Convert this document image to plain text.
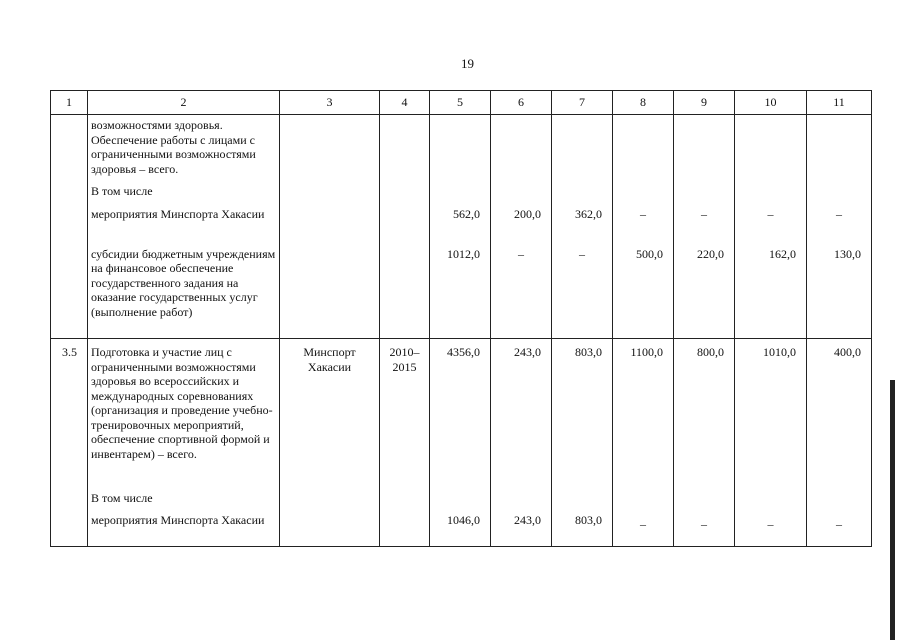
19
1	2	3	4	5	6	7	8	9	10	11
	возможностями здоровья. Обеспечение работы с лицами с ограниченными возможностями здоровья – всего.									
	В том числе									
	мероприятия Минспорта Хакасии			562,0	200,0	362,0	–	–	–	–
	субсидии бюджетным учреждениям на финансовое обеспечение государственного задания на оказание государственных услуг (выполнение работ)			1012,0	–	–	500,0	220,0	162,0	130,0
3.5	Подготовка и участие лиц с ограниченными возможностями здоровья во всероссийских и международных соревнованиях (организация и проведение учебно-тренировочных мероприятий, обеспечение спортивной формой и инвентарем) – всего.	Минспорт Хакасии	2010–2015	4356,0	243,0	803,0	1100,0	800,0	1010,0	400,0
	В том числе									
	мероприятия Минспорта Хакасии			1046,0	243,0	803,0	–	–	–	–
